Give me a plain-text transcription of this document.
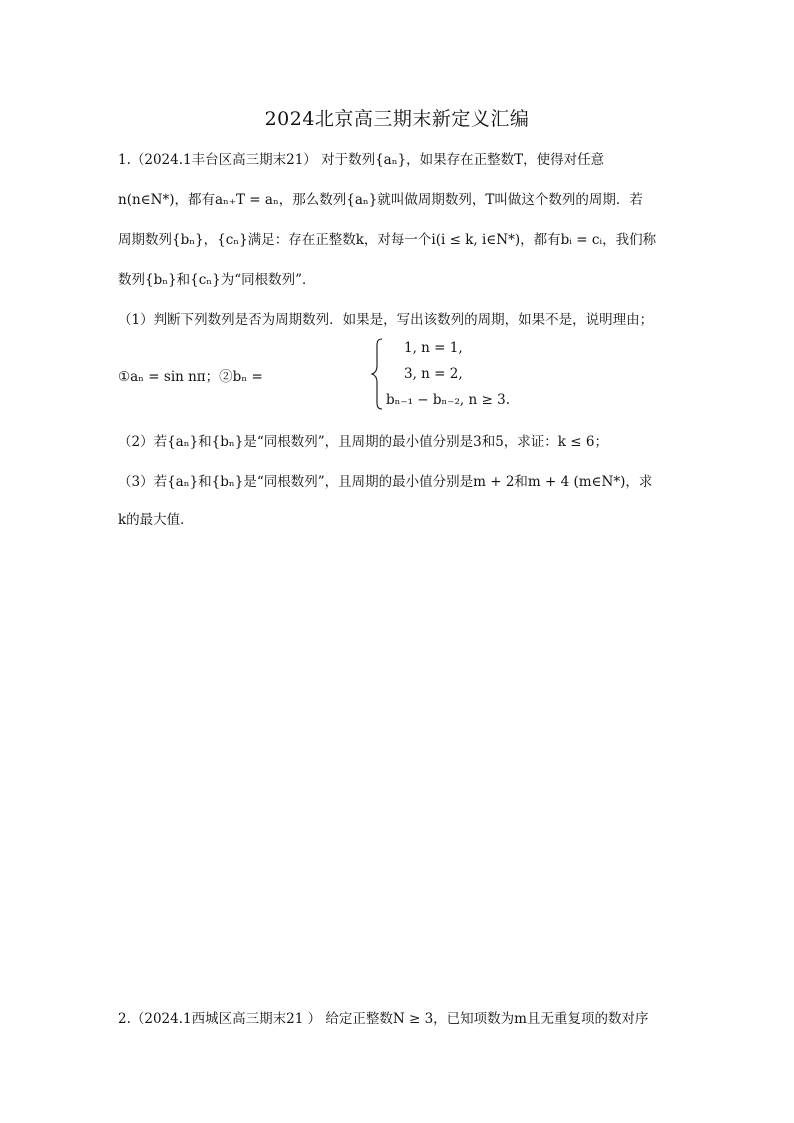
2024北京高三期末新定义汇编
1.（2024.1丰台区高三期末21） 对于数列{aₙ}，如果存在正整数T，使得对任意
n(n∈N*)，都有aₙ₊T = aₙ，那么数列{aₙ}就叫做周期数列，T叫做这个数列的周期．若
周期数列{bₙ}，{cₙ}满足：存在正整数k，对每一个i(i ≤ k, i∈N*)，都有bᵢ = cᵢ，我们称
数列{bₙ}和{cₙ}为“同根数列”．
（1）判断下列数列是否为周期数列．如果是，写出该数列的周期，如果不是，说明理由；
①aₙ = sin nπ；②bₙ =
1, n = 1,
3, n = 2,
bₙ₋₁ − bₙ₋₂, n ≥ 3.
（2）若{aₙ}和{bₙ}是“同根数列”，且周期的最小值分别是3和5，求证：k ≤ 6；
（3）若{aₙ}和{bₙ}是“同根数列”，且周期的最小值分别是m + 2和m + 4 (m∈N*)，求
k的最大值．
2.（2024.1西城区高三期末21 ） 给定正整数N ≥ 3，已知项数为m且无重复项的数对序
